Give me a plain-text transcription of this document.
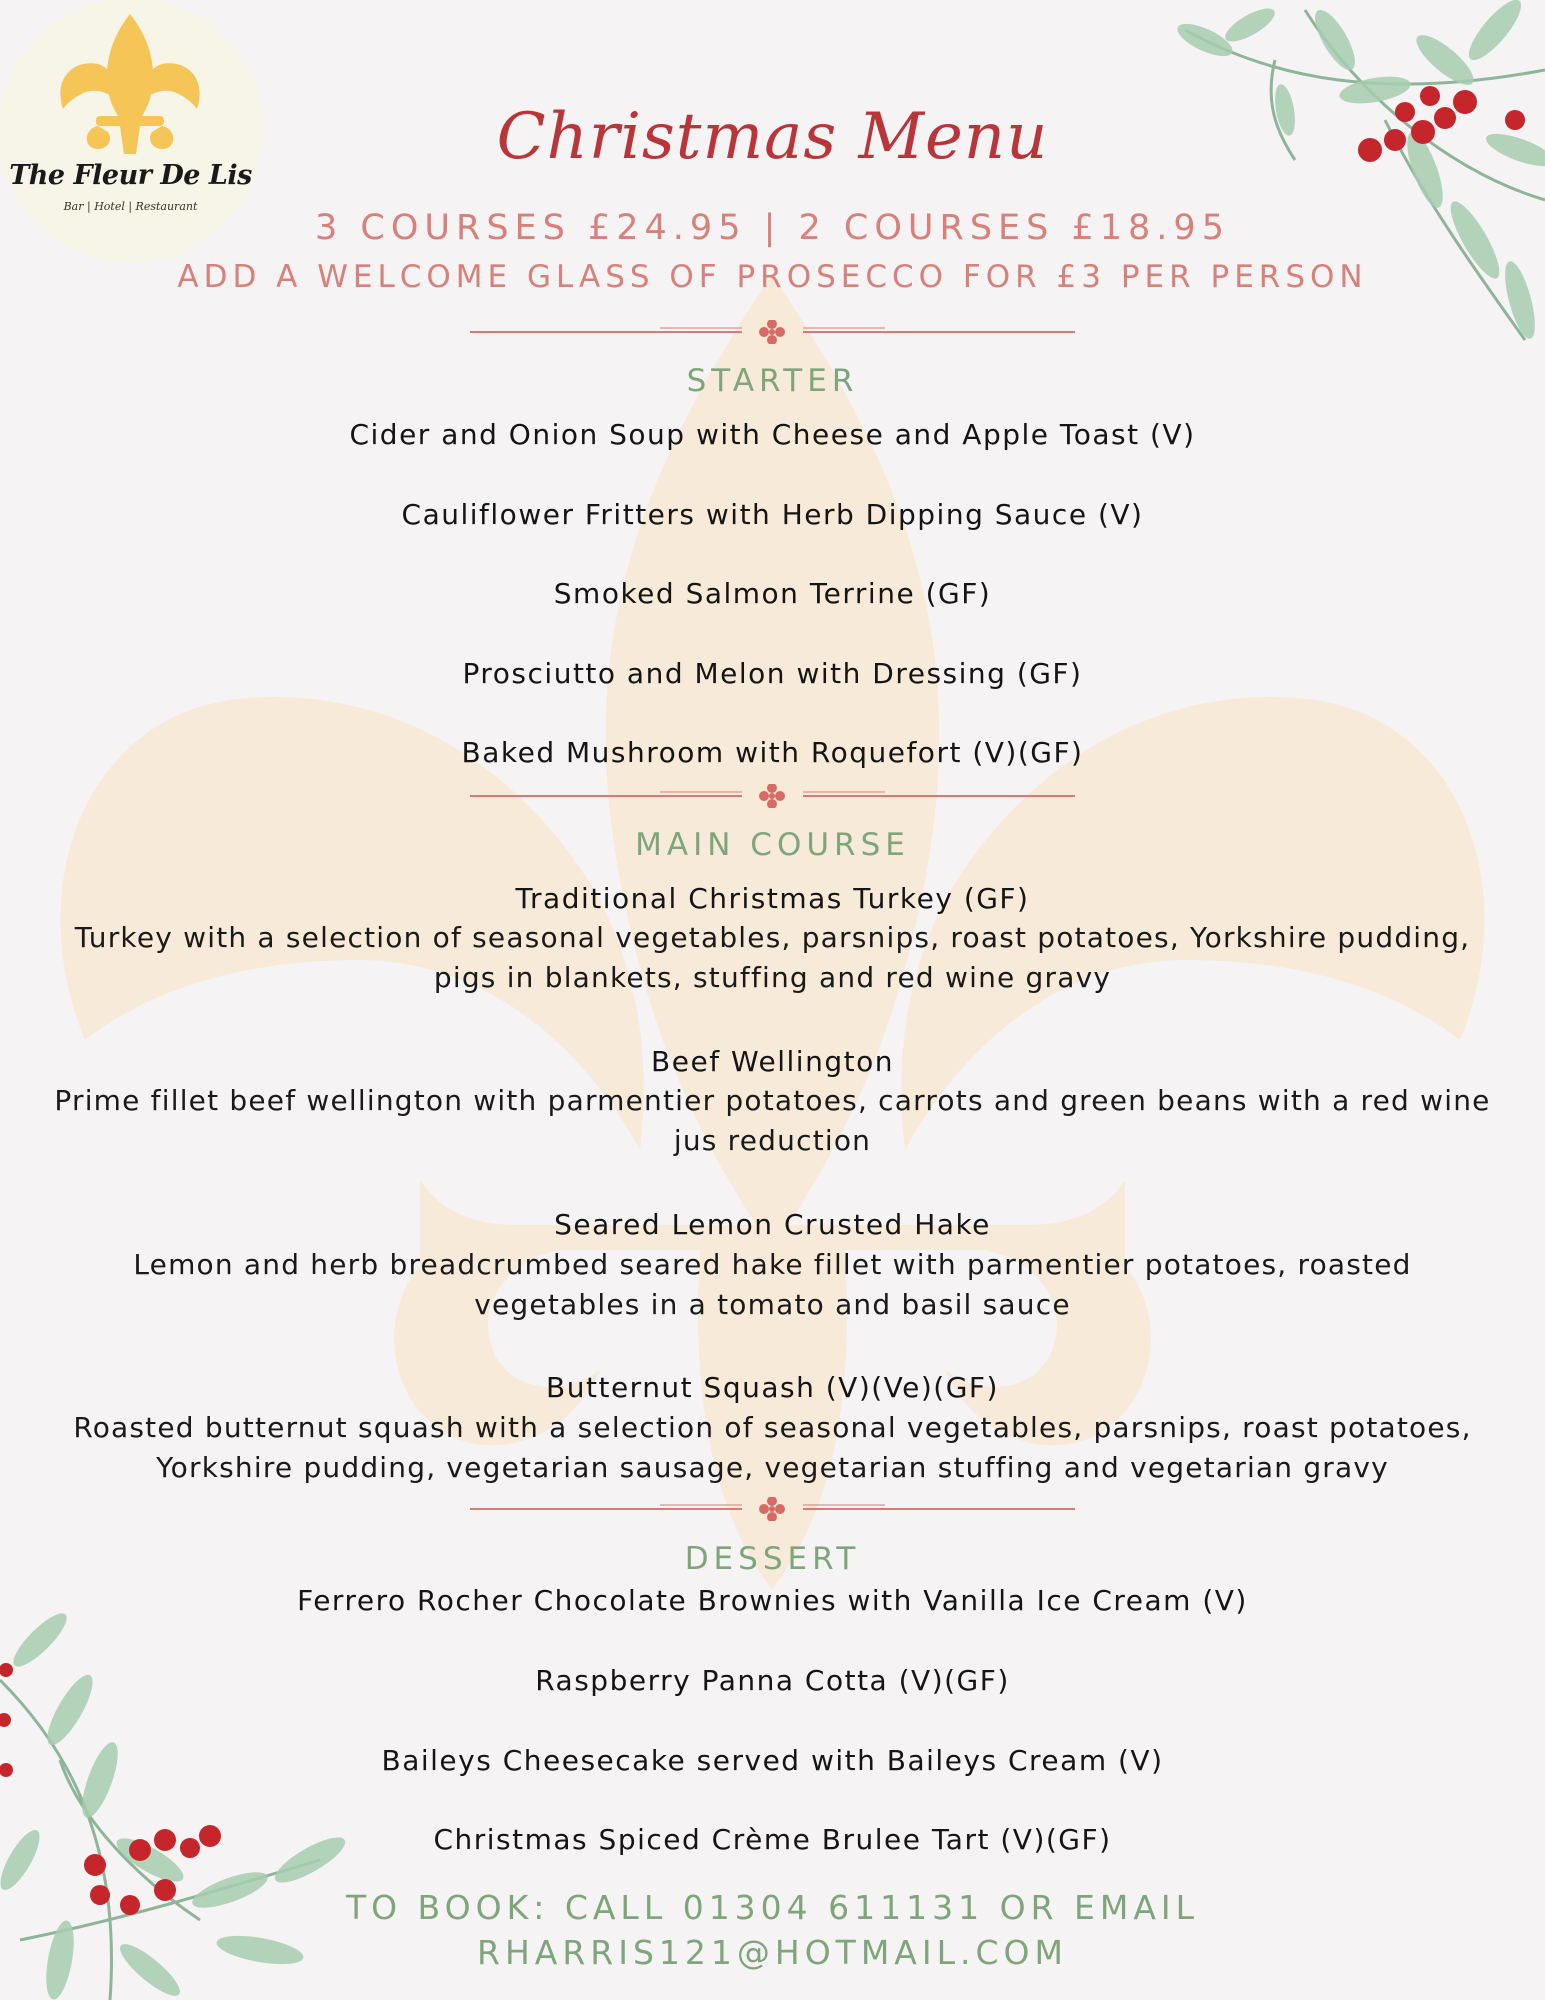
The Fleur De Lis
Bar | Hotel | Restaurant
Christmas Menu
3 COURSES £24.95 | 2 COURSES £18.95
ADD A WELCOME GLASS OF PROSECCO FOR £3 PER PERSON
STARTER
Cider and Onion Soup with Cheese and Apple Toast (V)
Cauliflower Fritters with Herb Dipping Sauce (V)
Smoked Salmon Terrine (GF)
Prosciutto and Melon with Dressing (GF)
Baked Mushroom with Roquefort (V)(GF)
MAIN COURSE
Traditional Christmas Turkey (GF)
Turkey with a selection of seasonal vegetables, parsnips, roast potatoes, Yorkshire pudding,
pigs in blankets, stuffing and red wine gravy
Beef Wellington
Prime fillet beef wellington with parmentier potatoes, carrots and green beans with a red wine
jus reduction
Seared Lemon Crusted Hake
Lemon and herb breadcrumbed seared hake fillet with parmentier potatoes, roasted
vegetables in a tomato and basil sauce
Butternut Squash (V)(Ve)(GF)
Roasted butternut squash with a selection of seasonal vegetables, parsnips, roast potatoes,
Yorkshire pudding, vegetarian sausage, vegetarian stuffing and vegetarian gravy
DESSERT
Ferrero Rocher Chocolate Brownies with Vanilla Ice Cream (V)
Raspberry Panna Cotta (V)(GF)
Baileys Cheesecake served with Baileys Cream (V)
Christmas Spiced Crème Brulee Tart (V)(GF)
TO BOOK: CALL 01304 611131 OR EMAIL
RHARRIS121@HOTMAIL.COM
